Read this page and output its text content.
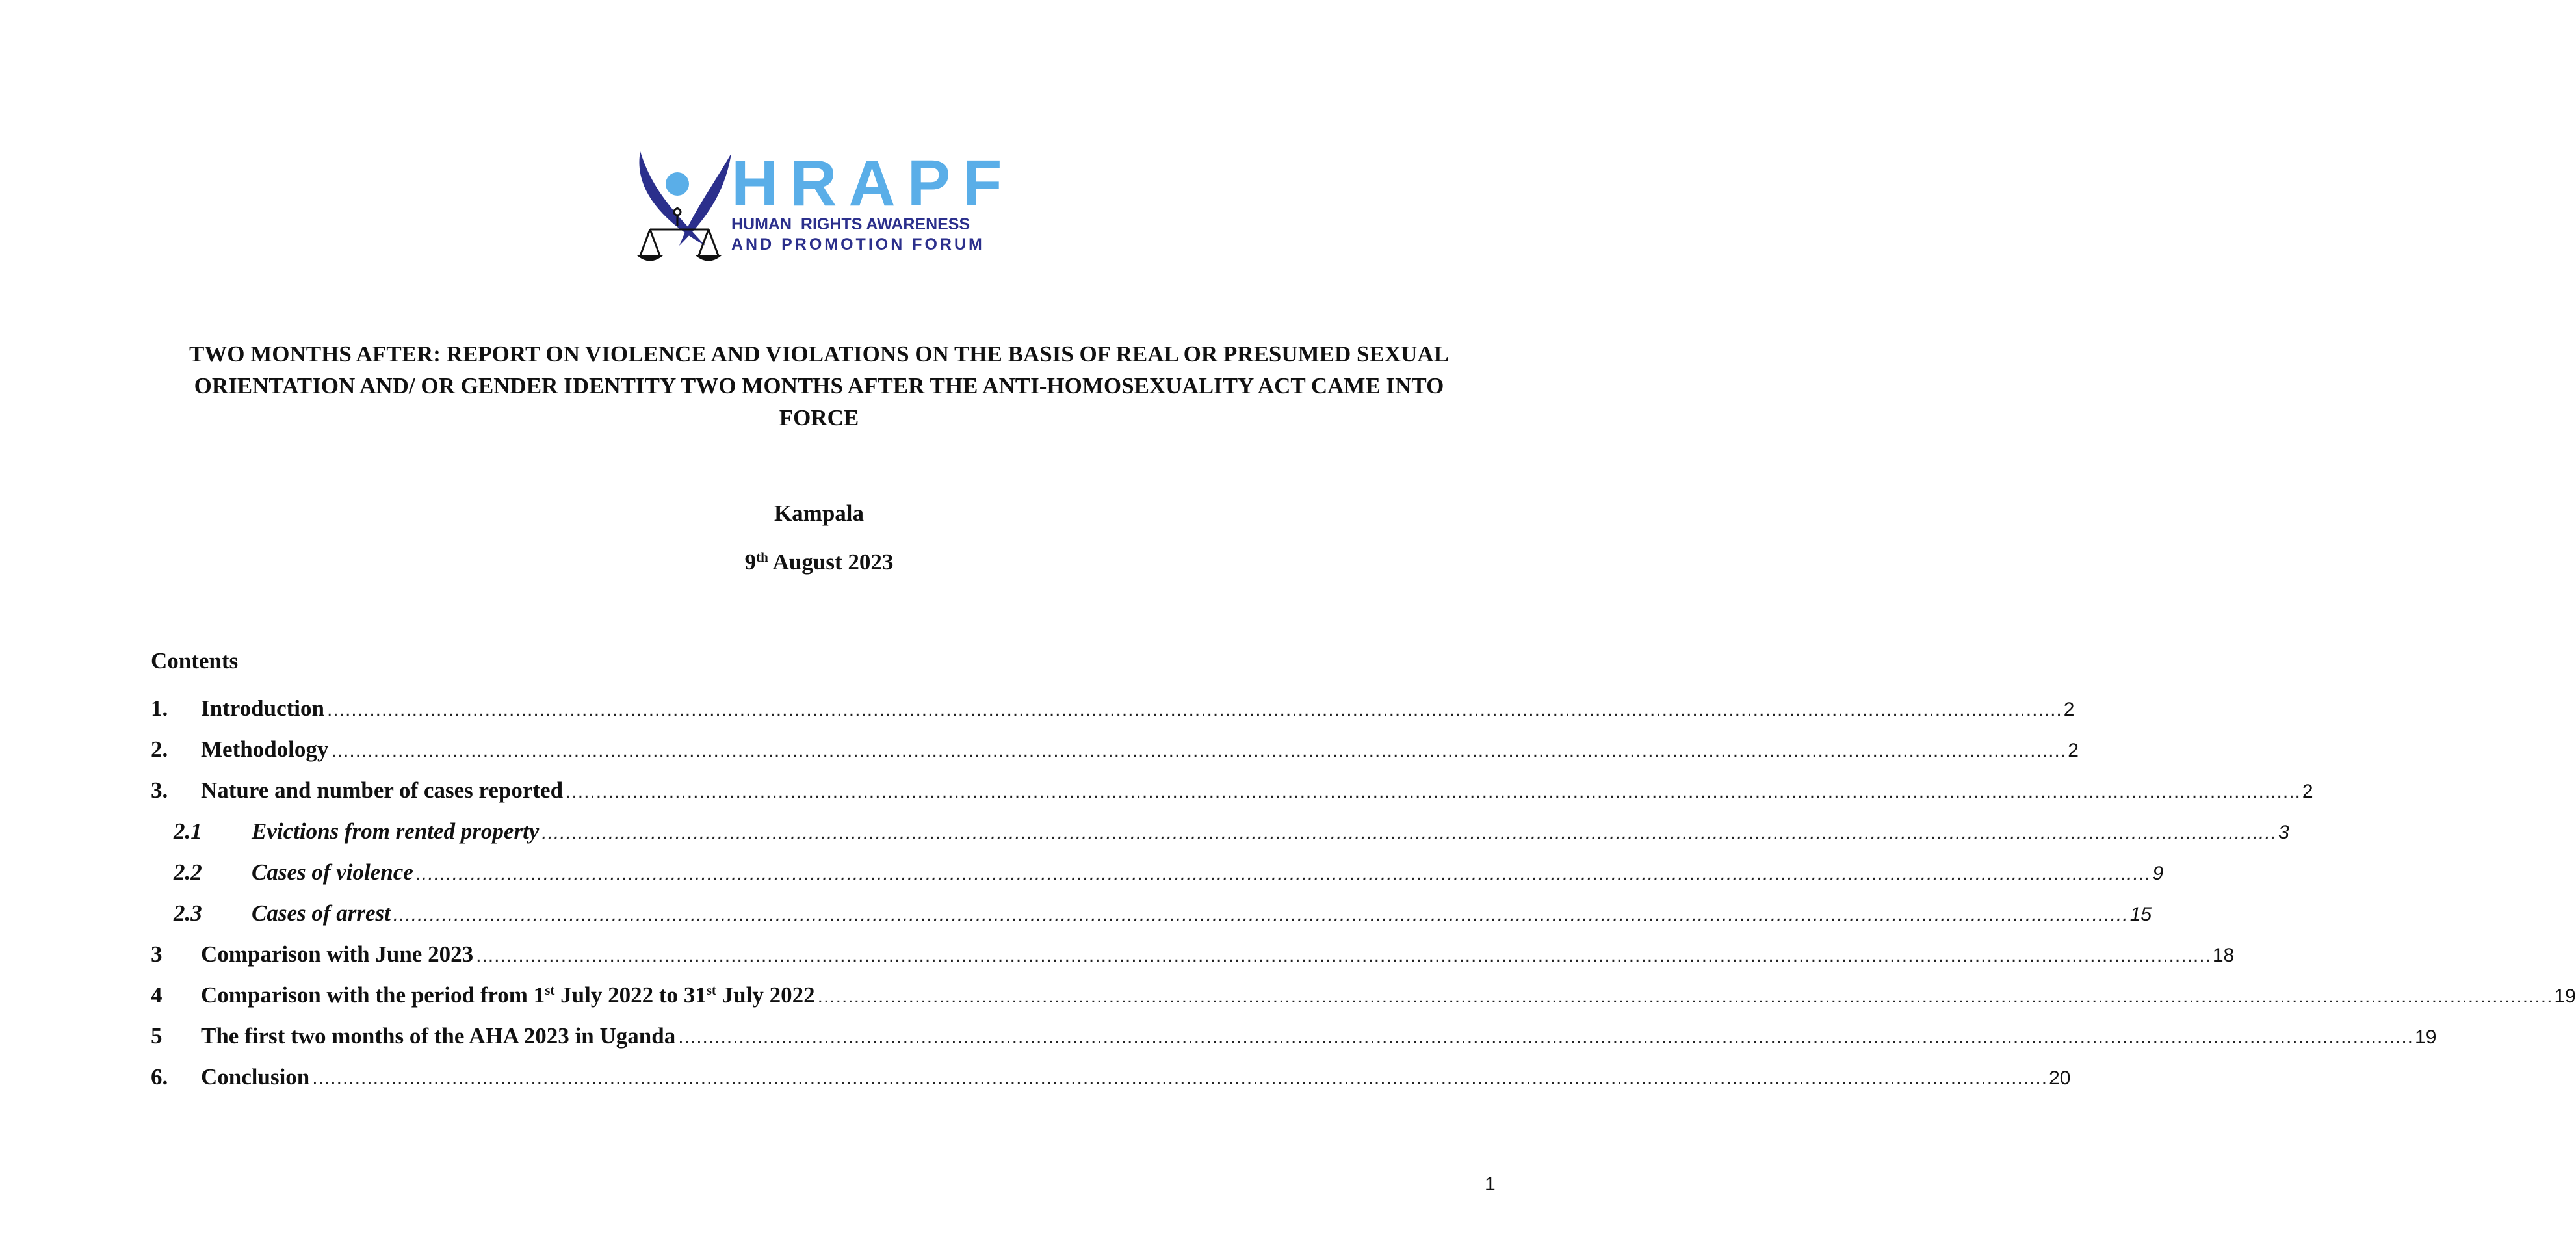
HRAPF
HUMAN  RIGHTS AWARENESS
AND PROMOTION FORUM
TWO MONTHS AFTER: REPORT ON VIOLENCE AND VIOLATIONS ON THE BASIS OF REAL OR PRESUMED SEXUAL
ORIENTATION AND/ OR GENDER IDENTITY TWO MONTHS AFTER THE ANTI-HOMOSEXUALITY ACT CAME INTO
FORCE

Kampala

9th August 2023

Contents

1.	Introduction .............................................................................................................................................................................................................................................................................................. 2
2.	Methodology .............................................................................................................................................................................................................................................................................................. 2
3.	Nature and number of cases reported .............................................................................................................................................................................................................................................................................................. 2
2.1	Evictions from rented property .............................................................................................................................................................................................................................................................................................. 3
2.2	Cases of violence .............................................................................................................................................................................................................................................................................................. 9
2.3	Cases of arrest .............................................................................................................................................................................................................................................................................................. 15
3	Comparison with June 2023 .............................................................................................................................................................................................................................................................................................. 18
4	Comparison with the period from 1st July 2022 to 31st July 2022 .............................................................................................................................................................................................................................................................................................. 19
5	The first two months of the AHA 2023 in Uganda .............................................................................................................................................................................................................................................................................................. 19
6.	Conclusion .............................................................................................................................................................................................................................................................................................. 20

1
